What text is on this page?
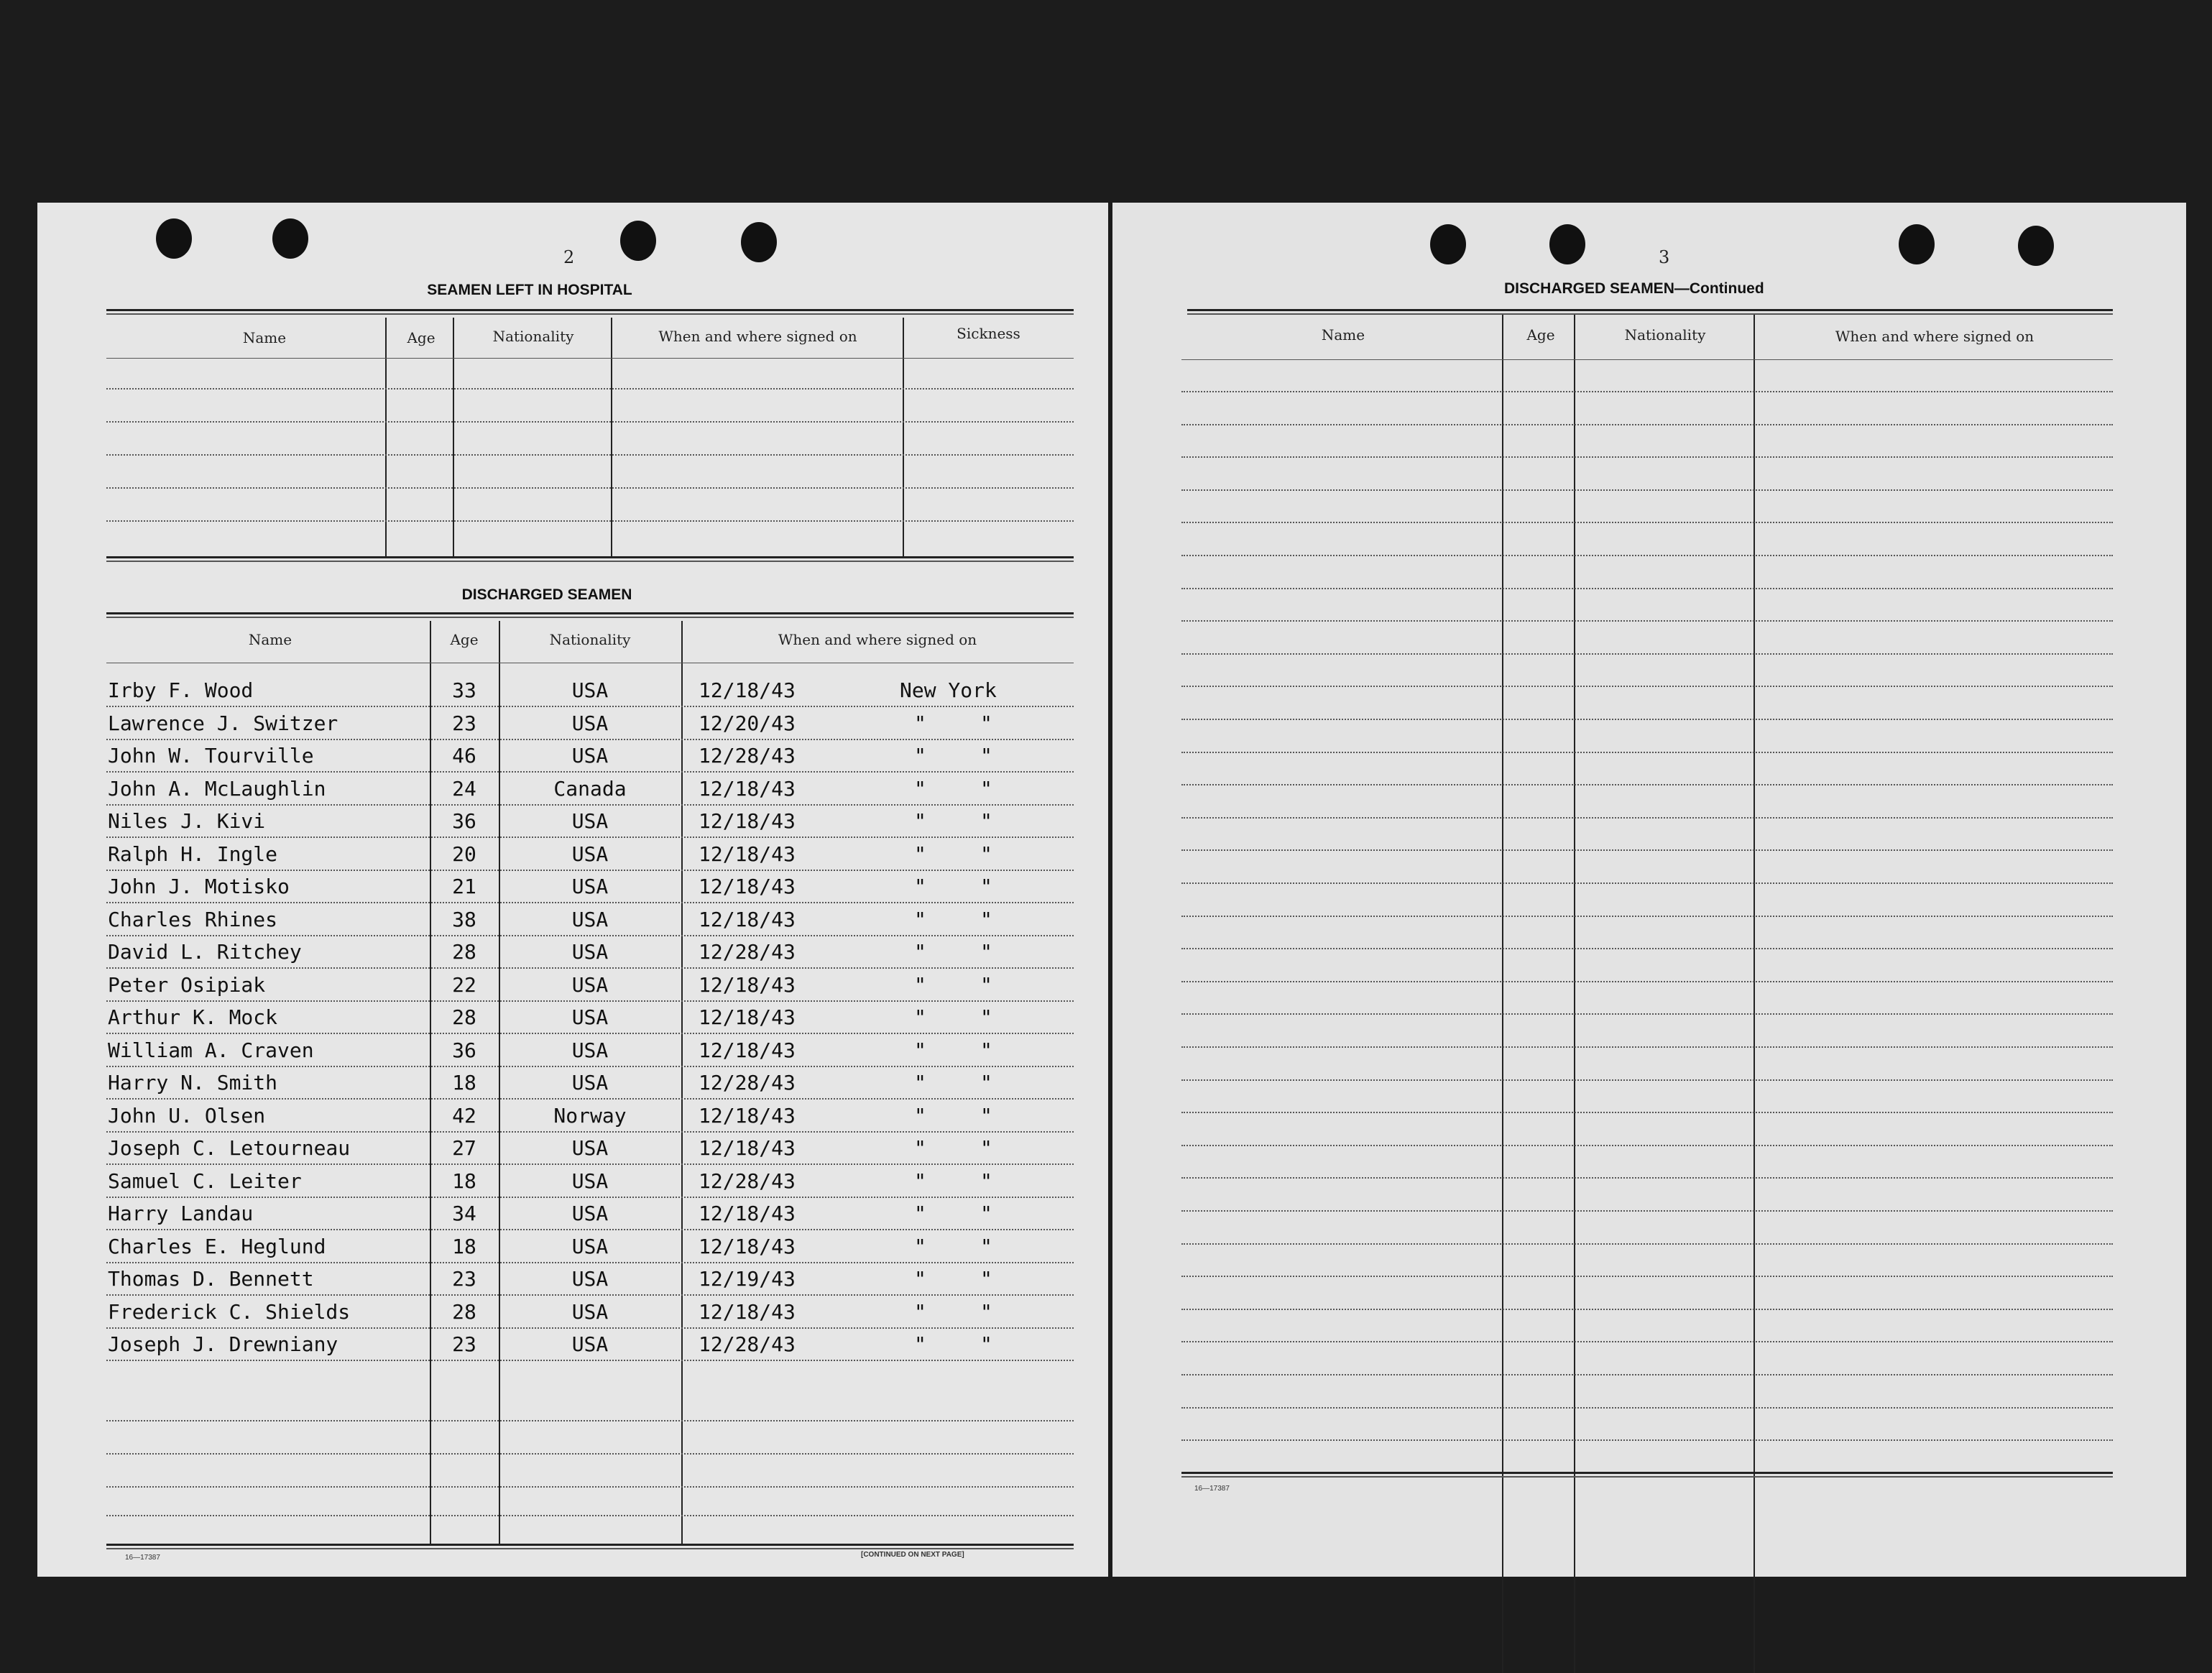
2
SEAMEN LEFT IN HOSPITAL
Name	Age	Nationality	When and where signed on	Sickness
DISCHARGED SEAMEN
Name	Age	Nationality	When and where signed on
Irby F. Wood	33	USA	12/18/43	New York
Lawrence J. Switzer	23	USA	12/20/43	"	"
John W. Tourville	46	USA	12/28/43	"	"
John A. McLaughlin	24	Canada	12/18/43	"	"
Niles J. Kivi	36	USA	12/18/43	"	"
Ralph H. Ingle	20	USA	12/18/43	"	"
John J. Motisko	21	USA	12/18/43	"	"
Charles Rhines	38	USA	12/18/43	"	"
David L. Ritchey	28	USA	12/28/43	"	"
Peter Osipiak	22	USA	12/18/43	"	"
Arthur K. Mock	28	USA	12/18/43	"	"
William A. Craven	36	USA	12/18/43	"	"
Harry N. Smith	18	USA	12/28/43	"	"
John U. Olsen	42	Norway	12/18/43	"	"
Joseph C. Letourneau	27	USA	12/18/43	"	"
Samuel C. Leiter	18	USA	12/28/43	"	"
Harry Landau	34	USA	12/18/43	"	"
Charles E. Heglund	18	USA	12/18/43	"	"
Thomas D. Bennett	23	USA	12/19/43	"	"
Frederick C. Shields	28	USA	12/18/43	"	"
Joseph J. Drewniany	23	USA	12/28/43	"	"
16—17387	[CONTINUED ON NEXT PAGE]
3
DISCHARGED SEAMEN—Continued
Name	Age	Nationality	When and where signed on
16—17387
